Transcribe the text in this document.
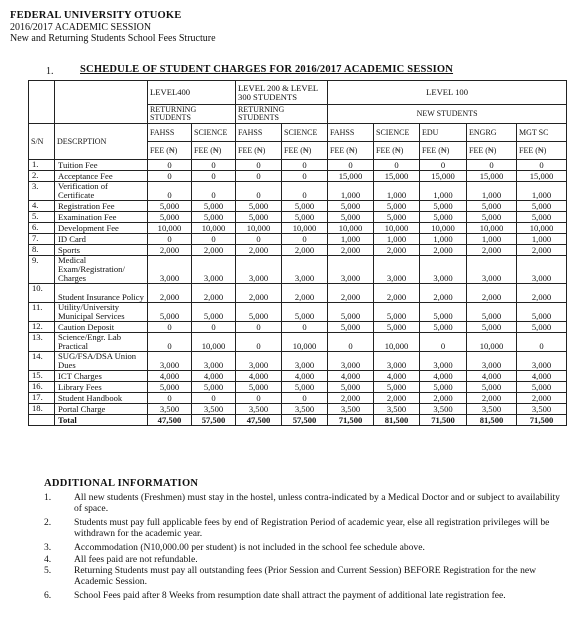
FEDERAL UNIVERSITY OTUOKE
2016/2017 ACADEMIC SESSION
New and Returning Students School Fees Structure
1.	SCHEDULE OF STUDENT CHARGES FOR 2016/2017 ACADEMIC SESSION
		LEVEL400		LEVEL 200 & LEVEL 300 STUDENTS		LEVEL 100				
		RETURNING STUDENTS		RETURNING STUDENTS		NEW STUDENTS				
S/N	DESCRPTION	FAHSS	SCIENCE	FAHSS	SCIENCE	FAHSS	SCIENCE	EDU	ENGRG	MGT SC
		FEE (₦)	FEE (₦)	FEE (₦)	FEE (₦)	FEE (₦)	FEE (₦)	FEE (₦)	FEE (₦)	FEE (₦)
1.	Tuition Fee	0	0	0	0	0	0	0	0	0
2.	Acceptance Fee	0	0	0	0	15,000	15,000	15,000	15,000	15,000
3.	Verification of Certificate	0	0	0	0	1,000	1,000	1,000	1,000	1,000
4.	Registration Fee	5,000	5,000	5,000	5,000	5,000	5,000	5,000	5,000	5,000
5.	Examination Fee	5,000	5,000	5,000	5,000	5,000	5,000	5,000	5,000	5,000
6.	Development Fee	10,000	10,000	10,000	10,000	10,000	10,000	10,000	10,000	10,000
7.	ID Card	0	0	0	0	1,000	1,000	1,000	1,000	1,000
8.	Sports	2,000	2,000	2,000	2,000	2,000	2,000	2,000	2,000	2,000
9.	Medical Exam/Registration/ Charges	3,000	3,000	3,000	3,000	3,000	3,000	3,000	3,000	3,000
10.	Student Insurance Policy	2,000	2,000	2,000	2,000	2,000	2,000	2,000	2,000	2,000
11.	Utility/University Municipal Services	5,000	5,000	5,000	5,000	5,000	5,000	5,000	5,000	5,000
12.	Caution Deposit	0	0	0	0	5,000	5,000	5,000	5,000	5,000
13.	Science/Engr. Lab Practical	0	10,000	0	10,000	0	10,000	0	10,000	0
14.	SUG/FSA/DSA Union Dues	3,000	3,000	3,000	3,000	3,000	3,000	3,000	3,000	3,000
15.	ICT Charges	4,000	4,000	4,000	4,000	4,000	4,000	4,000	4,000	4,000
16.	Library Fees	5,000	5,000	5,000	5,000	5,000	5,000	5,000	5,000	5,000
17.	Student Handbook	0	0	0	0	2,000	2,000	2,000	2,000	2,000
18.	Portal Charge	3,500	3,500	3,500	3,500	3,500	3,500	3,500	3,500	3,500
	Total	47,500	57,500	47,500	57,500	71,500	81,500	71,500	81,500	71,500
ADDITIONAL INFORMATION
1. All new students (Freshmen) must stay in the hostel, unless contra-indicated by a Medical Doctor and or subject to availability of space.
2. Students must pay full applicable fees by end of Registration Period of academic year, else all registration privileges will be withdrawn for the academic year.
3. Accommodation (N10,000.00 per student) is not included in the school fee schedule above.
4. All fees paid are not refundable.
5. Returning Students must pay all outstanding fees (Prior Session and Current Session) BEFORE Registration for the new Academic Session.
6. School Fees paid after 8 Weeks from resumption date shall attract the payment of additional late registration fee.
